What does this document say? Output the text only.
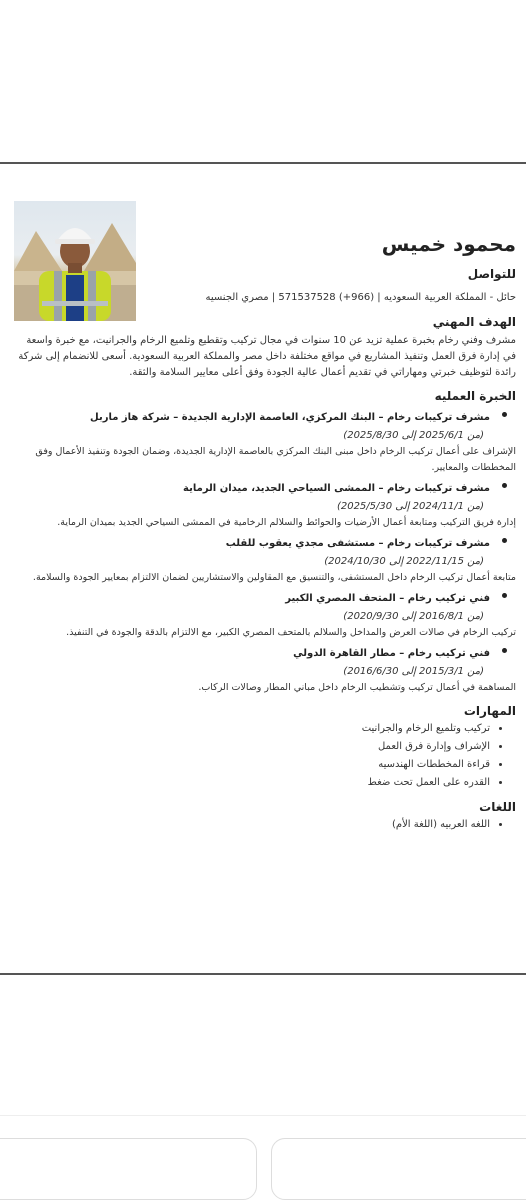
محمود خميس
للتواصل
حائل - المملكة العربية السعوديه | (966+) 571537528 | مصري الجنسيه
الهدف المهني
مشرف وفني رخام بخبرة عملية تزيد عن 10 سنوات في مجال تركيب وتقطيع وتلميع الرخام والجرانيت، مع خبرة واسعة في إدارة فرق العمل وتنفيذ المشاريع في مواقع مختلفة داخل مصر والمملكة العربية السعودية. أسعى للانضمام إلى شركة رائدة لتوظيف خبرتي ومهاراتي في تقديم أعمال عالية الجودة وفق أعلى معايير السلامة والثقة.
الخبرة العمليه
• مشرف تركيبات رخام – البنك المركزي، العاصمة الإدارية الجديدة – شركة هاز ماربل
(من 2025/6/1 إلى 2025/8/30)
الإشراف على أعمال تركيب الرخام داخل مبنى البنك المركزي بالعاصمة الإدارية الجديدة، وضمان الجودة وتنفيذ الأعمال وفق المخططات والمعايير.
• مشرف تركيبات رخام – الممشى السياحي الجديد، ميدان الرماية
(من 2024/11/1 إلى 2025/5/30)
إدارة فريق التركيب ومتابعة أعمال الأرضيات والحوائط والسلالم الرخامية في الممشى السياحي الجديد بميدان الرماية.
• مشرف تركيبات رخام – مستشفى مجدي يعقوب للقلب
(من 2022/11/15 إلى 2024/10/30)
متابعة أعمال تركيب الرخام داخل المستشفى، والتنسيق مع المقاولين والاستشاريين لضمان الالتزام بمعايير الجودة والسلامة.
• فني تركيب رخام – المتحف المصري الكبير
(من 2016/8/1 إلى 2020/9/30)
تركيب الرخام في صالات العرض والمداخل والسلالم بالمتحف المصري الكبير، مع الالتزام بالدقة والجودة في التنفيذ.
• فني تركيب رخام – مطار القاهرة الدولي
(من 2015/3/1 إلى 2016/6/30)
المساهمة في أعمال تركيب وتشطيب الرخام داخل مباني المطار وصالات الركاب.
المهارات
• تركيب وتلميع الرخام والجرانيت
• الإشراف وإدارة فرق العمل
• قراءة المخططات الهندسيه
• القدره على العمل تحت ضغط
اللغات
• اللغه العربيه (اللغة الأم)
